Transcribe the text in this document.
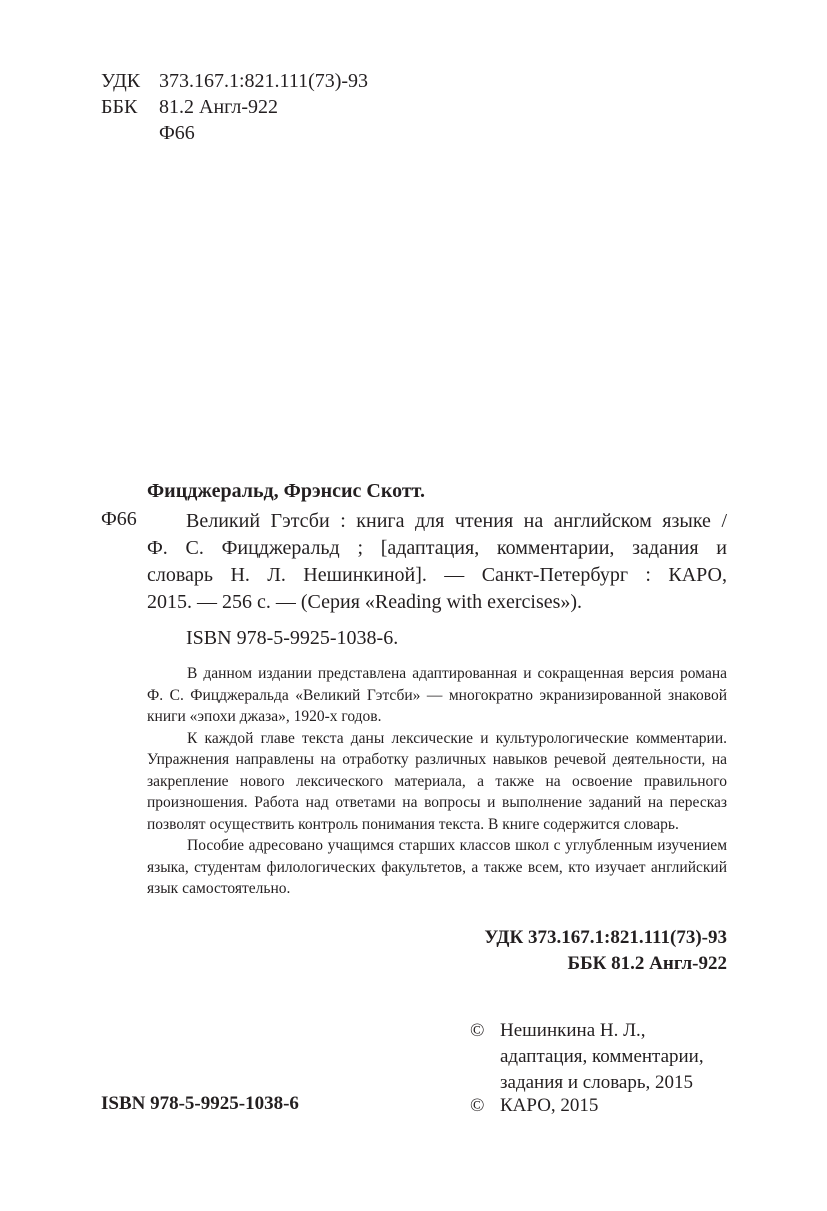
УДК 373.167.1:821.111(73)-93
ББК 81.2 Англ-922
Ф66
Фицджеральд, Фрэнсис Скотт.
Ф66 Великий Гэтсби : книга для чтения на английском языке /
Ф. С. Фицджеральд ; [адаптация, комментарии, задания и
словарь Н. Л. Нешинкиной]. — Санкт-Петербург : КАРО,
2015. — 256 с. — (Серия «Reading with exercises»).
ISBN 978-5-9925-1038-6.

В данном издании представлена адаптированная и сокращенная версия романа Ф. С. Фицджеральда «Великий Гэтсби» — многократно экранизированной знаковой книги «эпохи джаза», 1920-х годов.

К каждой главе текста даны лексические и культурологические комментарии. Упражнения направлены на отработку различных навыков речевой деятельности, на закрепление нового лексического материала, а также на освоение правильного произношения. Работа над ответами на вопросы и выполнение заданий на пересказ позволят осуществить контроль понимания текста. В книге содержится словарь.

Пособие адресовано учащимся старших классов школ с углубленным изучением языка, студентам филологических факультетов, а также всем, кто изучает английский язык самостоятельно.

УДК 373.167.1:821.111(73)-93
ББК 81.2 Англ-922
© Нешинкина Н. Л.,
адаптация, комментарии,
задания и словарь, 2015
© КАРО, 2015
ISBN 978-5-9925-1038-6
